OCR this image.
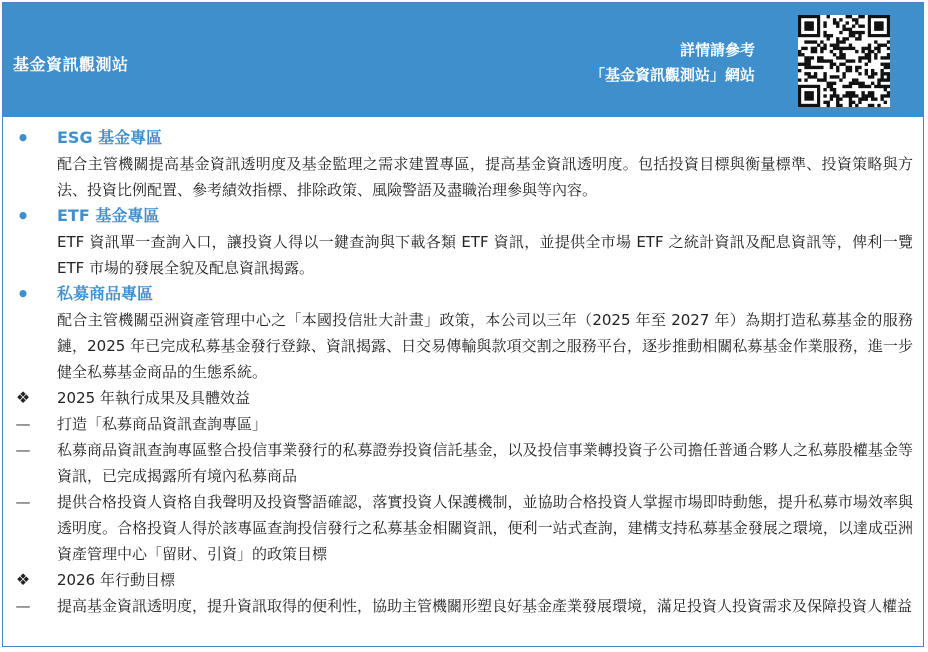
基金資訊觀測站
詳情請參考
「基金資訊觀測站」網站
•	ESG 基金專區
配合主管機關提高基金資訊透明度及基金監理之需求建置專區，提高基金資訊透明度。包括投資目標與衡量標準、投資策略與方法、投資比例配置、參考績效指標、排除政策、風險警語及盡職治理參與等內容。
•	ETF 基金專區
ETF 資訊單一查詢入口，讓投資人得以一鍵查詢與下載各類 ETF 資訊，並提供全市場 ETF 之統計資訊及配息資訊等，俾利一覽 ETF 市場的發展全貌及配息資訊揭露。
•	私募商品專區
配合主管機關亞洲資產管理中心之「本國投信壯大計畫」政策，本公司以三年（2025 年至 2027 年）為期打造私募基金的服務鏈，2025 年已完成私募基金發行登錄、資訊揭露、日交易傳輸與款項交割之服務平台，逐步推動相關私募基金作業服務，進一步健全私募基金商品的生態系統。
❖	2025 年執行成果及具體效益
—	打造「私募商品資訊查詢專區」
—	私募商品資訊查詢專區整合投信事業發行的私募證券投資信託基金，以及投信事業轉投資子公司擔任普通合夥人之私募股權基金等資訊，已完成揭露所有境內私募商品
—	提供合格投資人資格自我聲明及投資警語確認，落實投資人保護機制，並協助合格投資人掌握市場即時動態，提升私募市場效率與透明度。合格投資人得於該專區查詢投信發行之私募基金相關資訊，便利一站式查詢，建構支持私募基金發展之環境，以達成亞洲資產管理中心「留財、引資」的政策目標
❖	2026 年行動目標
—	提高基金資訊透明度，提升資訊取得的便利性，協助主管機關形塑良好基金產業發展環境，滿足投資人投資需求及保障投資人權益
